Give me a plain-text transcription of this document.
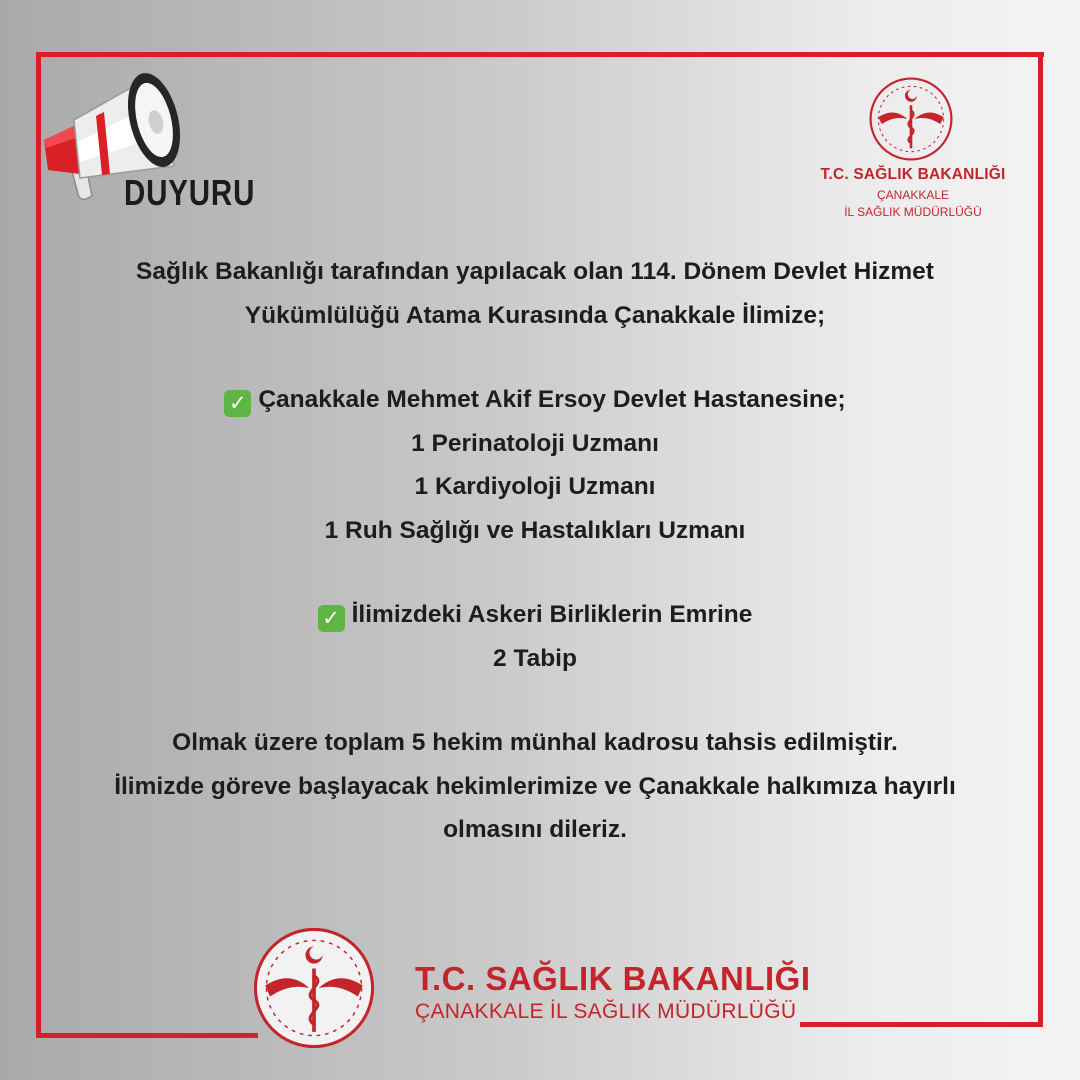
DUYURU	T.C. SAĞLIK BAKANLIĞI
ÇANAKKALE
İL SAĞLIK MÜDÜRLÜĞÜ

Sağlık Bakanlığı tarafından yapılacak olan 114. Dönem Devlet Hizmet

Yükümlülüğü Atama Kurasında Çanakkale İlimize;

✓ Çanakkale Mehmet Akif Ersoy Devlet Hastanesine;

1 Perinatoloji Uzmanı

1 Kardiyoloji Uzmanı

1 Ruh Sağlığı ve Hastalıkları Uzmanı

✓ İlimizdeki Askeri Birliklerin Emrine

2 Tabip

Olmak üzere toplam 5 hekim münhal kadrosu tahsis edilmiştir.

İlimizde göreve başlayacak hekimlerimize ve Çanakkale halkımıza hayırlı

olmasını dileriz.

T.C. SAĞLIK BAKANLIĞI
ÇANAKKALE İL SAĞLIK MÜDÜRLÜĞÜ
